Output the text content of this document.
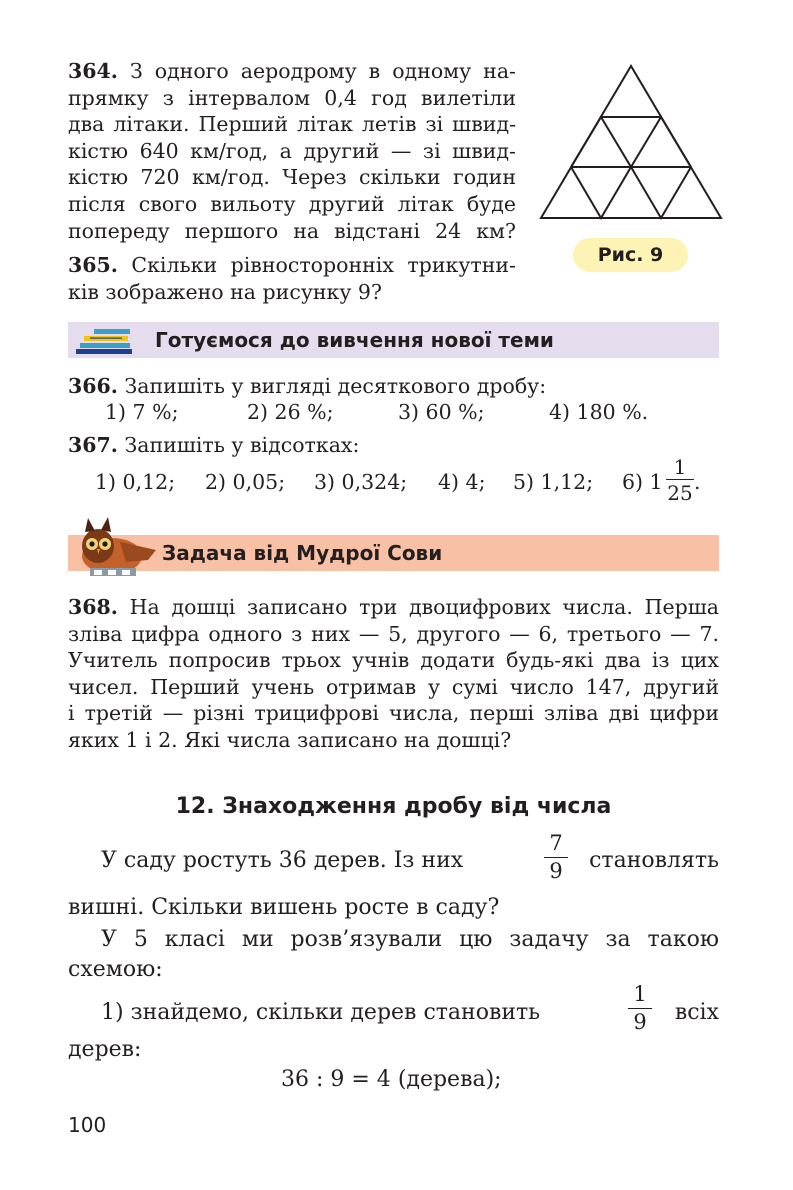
364. З одного аеродрому в одному на-
прямку з інтервалом 0,4 год вилетіли
два літаки. Перший літак летів зі швид-
кістю 640 км/год, а другий — зі швид-
кістю 720 км/год. Через скільки годин
після свого вильоту другий літак буде
попереду першого на відстані 24 км?
365. Скільки рівносторонніх трикутни-
ків зображено на рисунку 9?
Рис. 9
Готуємося до вивчення нової теми
366. Запишіть у вигляді десяткового дробу:
1) 7 %;	2) 26 %;	3) 60 %;	4) 180 %.
367. Запишіть у відсотках:
1) 0,12; 2) 0,05; 3) 0,324; 4) 4; 5) 1,12; 6) 1
1
25 .
Задача від Мудрої Сови
368. На дошці записано три двоцифрових числа. Перша
зліва цифра одного з них — 5, другого — 6, третього — 7.
Учитель попросив трьох учнів додати будь-які два із цих
чисел. Перший учень отримав у сумі число 147, другий
і третій — різні трицифрові числа, перші зліва дві цифри
яких 1 і 2. Які числа записано на дошці?
12. Знаходження дробу від числа
У саду ростуть 36 дерев. Із них
7
9 становлять
вишні. Скільки вишень росте в саду?
У 5 класі ми розв’язували цю задачу за такою
схемою:
1) знайдемо, скільки дерев становить
1
9 всіх
дерев:
36 : 9 = 4 (дерева);
100
